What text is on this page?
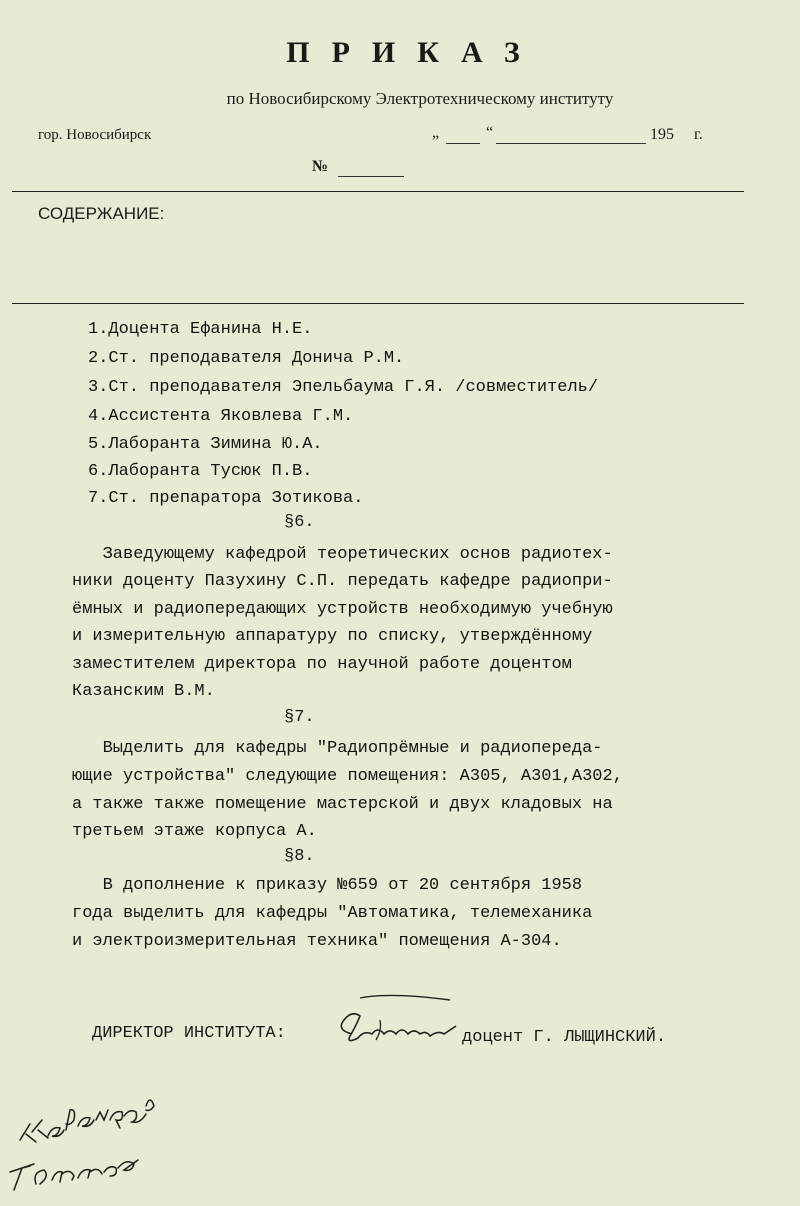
ПРИКАЗ
по Новосибирскому Электротехническому институту
гор. Новосибирск	„	“	195 г.
№
СОДЕРЖАНИЕ:
1.Доцента Ефанина Н.Е.
2.Ст. преподавателя Донича Р.М.
3.Ст. преподавателя Эпельбаума Г.Я. /совместитель/
4.Ассистента Яковлева Г.М.
5.Лаборанта Зимина Ю.А.
6.Лаборанта Тусюк П.В.
7.Ст. препаратора Зотикова.
§6.
Заведующему кафедрой теоретических основ радиотех-
ники доценту Пазухину С.П. передать кафедре радиопри-
ёмных и радиопередающих устройств необходимую учебную
и измерительную аппаратуру по списку, утверждённому
заместителем директора по научной работе доцентом
Казанским В.М.
§7.
Выделить для кафедры "Радиопрёмные и радиопереда-
ющие устройства" следующие помещения: А305, А301,А302,
а также также помещение мастерской и двух кладовых на
третьем этаже корпуса А.
§8.
В дополнение к приказу №659 от 20 сентября 1958
года выделить для кафедры "Автоматика, телемеханика
и электроизмерительная техника" помещения А-304.
ДИРЕКТОР ИНСТИТУТА:	доцент Г. ЛЫЩИНСКИЙ.
